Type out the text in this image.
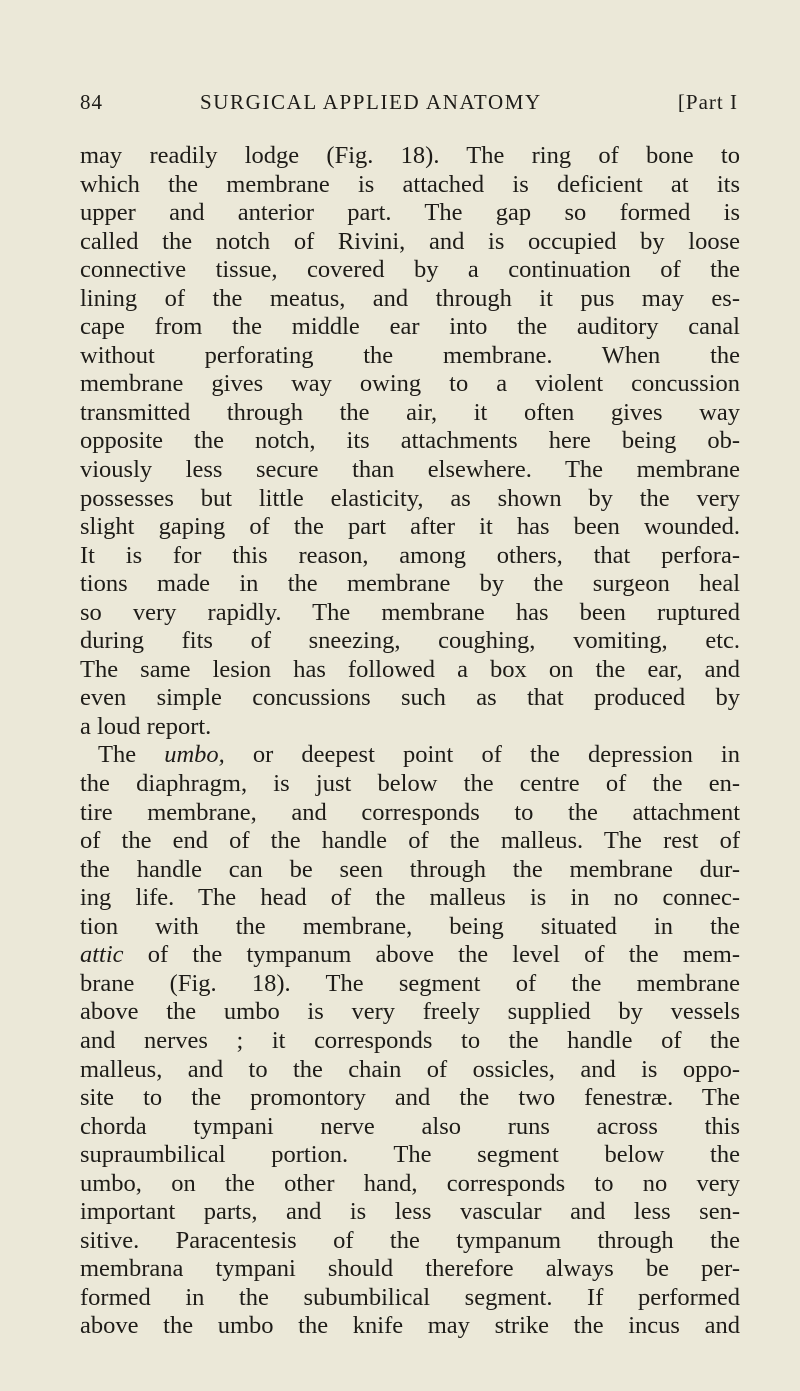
84	SURGICAL APPLIED ANATOMY	[Part I
may readily lodge (Fig. 18). The ring of bone to
which the membrane is attached is deficient at its
upper and anterior part. The gap so formed is
called the notch of Rivini, and is occupied by loose
connective tissue, covered by a continuation of the
lining of the meatus, and through it pus may es-
cape from the middle ear into the auditory canal
without perforating the membrane. When the
membrane gives way owing to a violent concussion
transmitted through the air, it often gives way
opposite the notch, its attachments here being ob-
viously less secure than elsewhere. The membrane
possesses but little elasticity, as shown by the very
slight gaping of the part after it has been wounded.
It is for this reason, among others, that perfora-
tions made in the membrane by the surgeon heal
so very rapidly. The membrane has been ruptured
during fits of sneezing, coughing, vomiting, etc.
The same lesion has followed a box on the ear, and
even simple concussions such as that produced by
a loud report.
The umbo, or deepest point of the depression in
the diaphragm, is just below the centre of the en-
tire membrane, and corresponds to the attachment
of the end of the handle of the malleus. The rest of
the handle can be seen through the membrane dur-
ing life. The head of the malleus is in no connec-
tion with the membrane, being situated in the
attic of the tympanum above the level of the mem-
brane (Fig. 18). The segment of the membrane
above the umbo is very freely supplied by vessels
and nerves ; it corresponds to the handle of the
malleus, and to the chain of ossicles, and is oppo-
site to the promontory and the two fenestræ. The
chorda tympani nerve also runs across this
supraumbilical portion. The segment below the
umbo, on the other hand, corresponds to no very
important parts, and is less vascular and less sen-
sitive. Paracentesis of the tympanum through the
membrana tympani should therefore always be per-
formed in the subumbilical segment. If performed
above the umbo the knife may strike the incus and
